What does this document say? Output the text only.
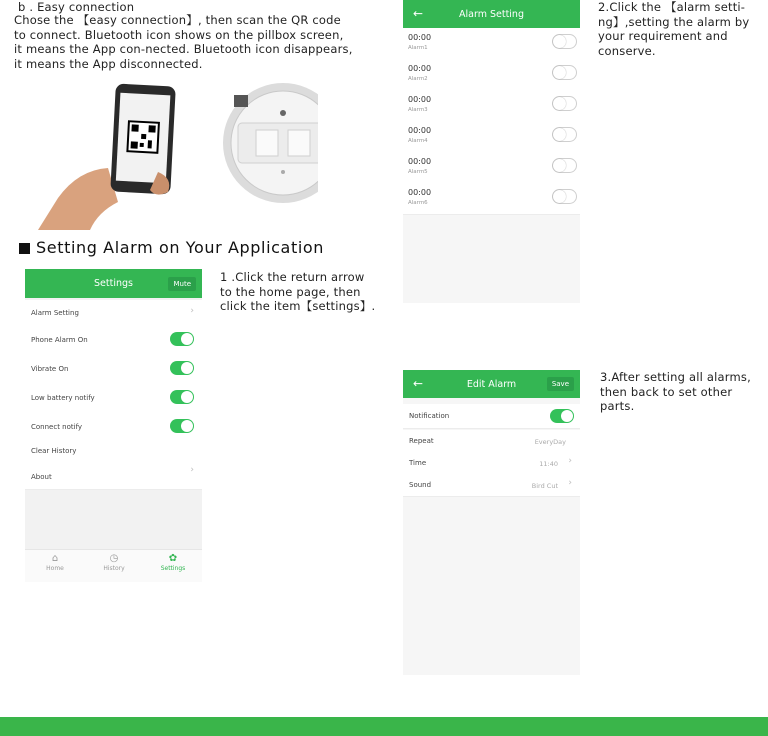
b . Easy connection
Chose the 【easy connection】, then scan the QR code
to connect. Bluetooth icon shows on the pillbox screen,
it means the App con-nected. Bluetooth icon disappears,
it means the App disconnected.
Setting Alarm on Your Application
Settings	Mute
Alarm Setting	›
Phone Alarm On
Vibrate On
Low battery notify
Connect notify
Clear History
About
›
⌂
Home
◷
History
✿
Settings
1 .Click the return arrow
to the home page, then
click the item【settings】.
←	Alarm Setting
00:00
Alarm1
00:00
Alarm2
00:00
Alarm3
00:00
Alarm4
00:00
Alarm5
00:00
Alarm6
2.Click the 【alarm setti-
ng】,setting the alarm by
your requirement and
conserve.
←	Edit Alarm	Save
Notification
Repeat	EveryDay
Time	11:40 ›
Sound	Bird Cut ›
3.After setting all alarms,
then back to set other
parts.
